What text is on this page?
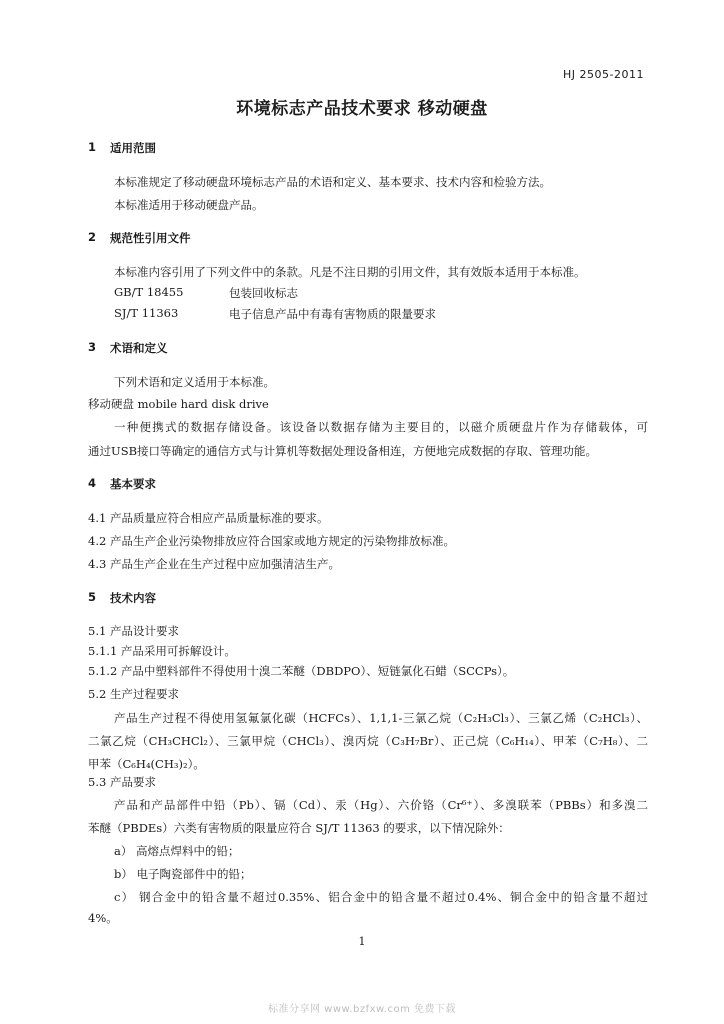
HJ 2505-2011
环境标志产品技术要求 移动硬盘
1 适用范围
本标准规定了移动硬盘环境标志产品的术语和定义、基本要求、技术内容和检验方法。
本标准适用于移动硬盘产品。
2 规范性引用文件
本标准内容引用了下列文件中的条款。凡是不注日期的引用文件，其有效版本适用于本标准。
GB/T 18455	包装回收标志
SJ/T 11363	电子信息产品中有毒有害物质的限量要求
3 术语和定义
下列术语和定义适用于本标准。
移动硬盘 mobile hard disk drive
一种便携式的数据存储设备。该设备以数据存储为主要目的，以磁介质硬盘片作为存储载体，可
通过USB接口等确定的通信方式与计算机等数据处理设备相连，方便地完成数据的存取、管理功能。
4 基本要求
4.1 产品质量应符合相应产品质量标准的要求。
4.2 产品生产企业污染物排放应符合国家或地方规定的污染物排放标准。
4.3 产品生产企业在生产过程中应加强清洁生产。
5 技术内容
5.1 产品设计要求
5.1.1 产品采用可拆解设计。
5.1.2 产品中塑料部件不得使用十溴二苯醚（DBDPO）、短链氯化石蜡（SCCPs）。
5.2 生产过程要求
产品生产过程不得使用氢氟氯化碳（HCFCs）、1,1,1-三氯乙烷（C₂H₃Cl₃）、三氯乙烯（C₂HCl₃）、
二氯乙烷（CH₃CHCl₂）、三氯甲烷（CHCl₃）、溴丙烷（C₃H₇Br）、正己烷（C₆H₁₄）、甲苯（C₇H₈）、二
甲苯（C₆H₄(CH₃)₂）。
5.3 产品要求
产品和产品部件中铅（Pb）、镉（Cd）、汞（Hg）、六价铬（Cr⁶⁺）、多溴联苯（PBBs）和多溴二
苯醚（PBDEs）六类有害物质的限量应符合 SJ/T 11363 的要求，以下情况除外：
a） 高熔点焊料中的铅；
b） 电子陶瓷部件中的铅；
c） 钢合金中的铅含量不超过0.35%、铝合金中的铅含量不超过0.4%、铜合金中的铅含量不超过
4%。
1
标准分享网 www.bzfxw.com 免费下载
